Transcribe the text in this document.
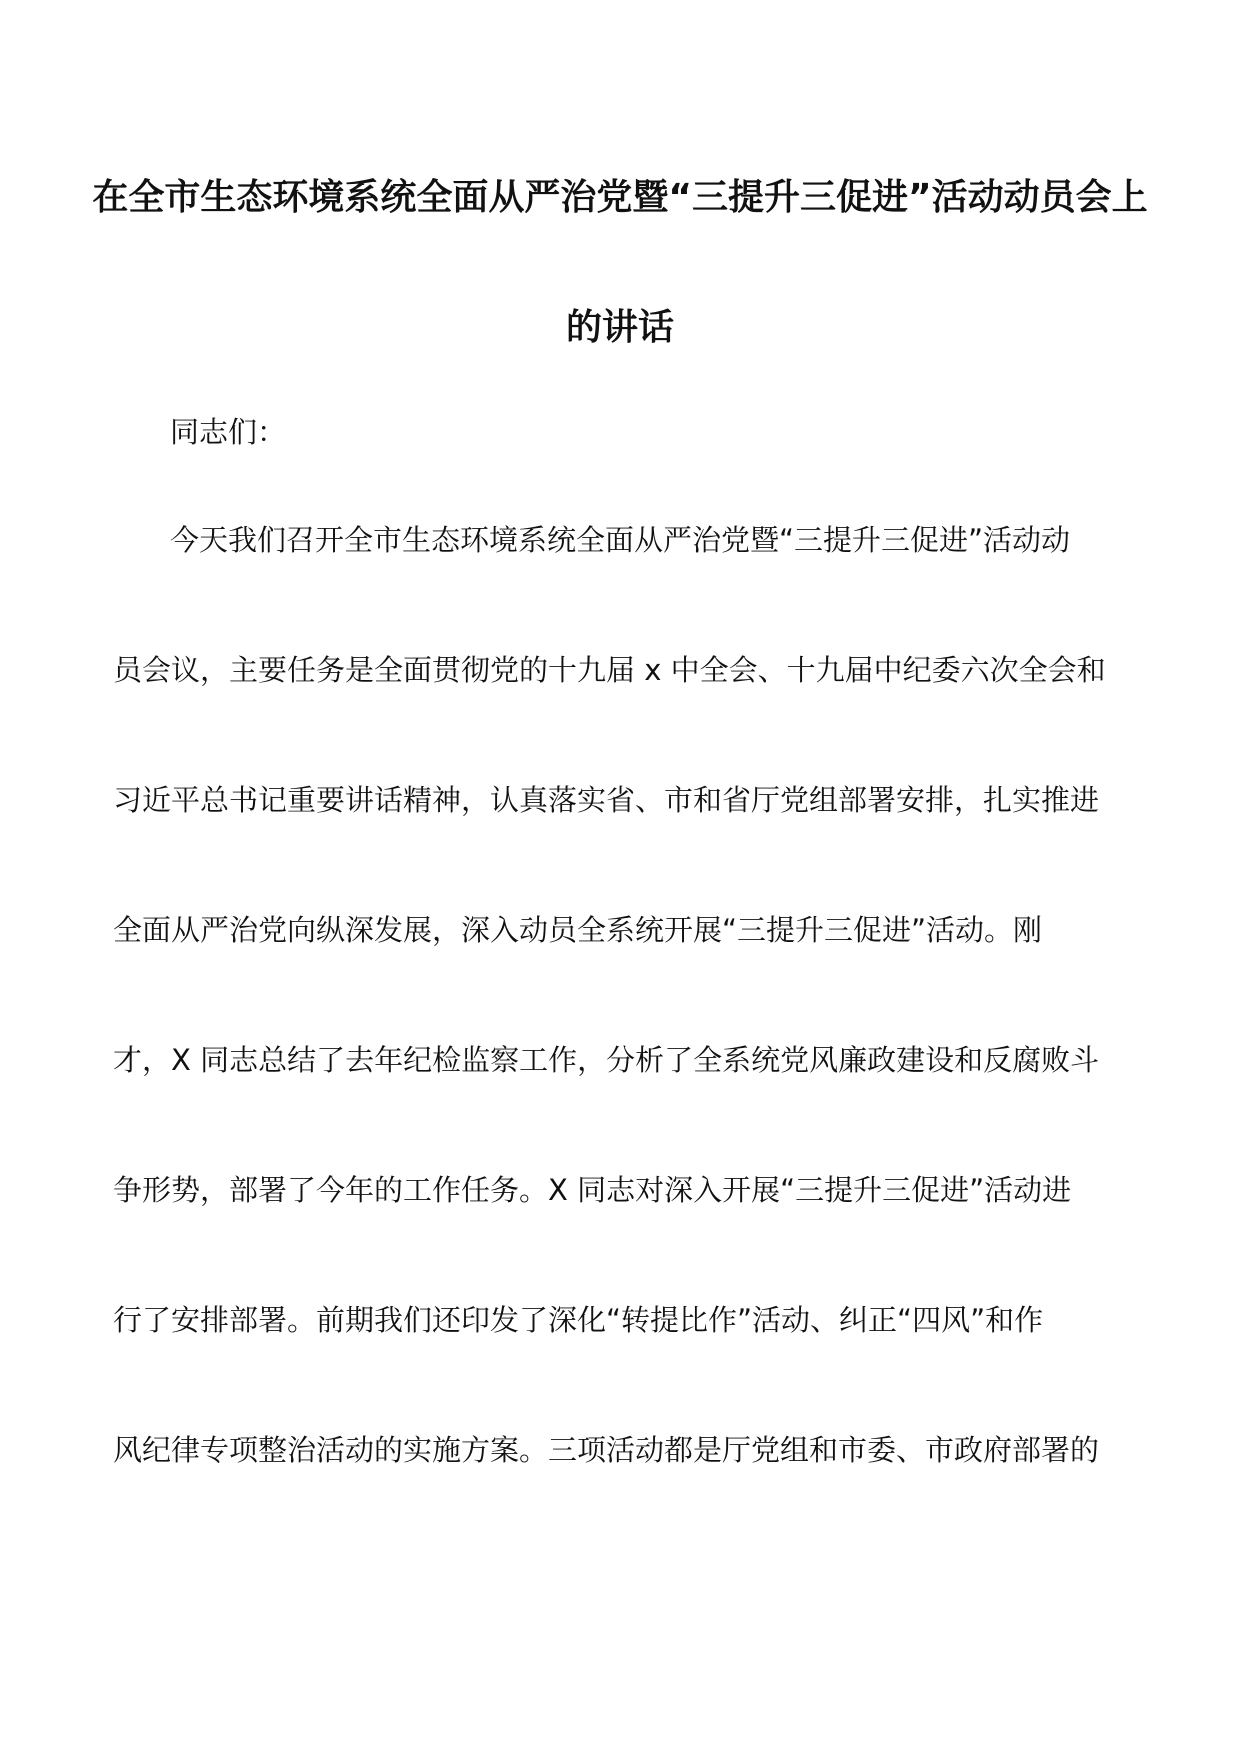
在全市生态环境系统全面从严治党暨“三提升三促进”活动动员会上
的讲话
同志们：
今天我们召开全市生态环境系统全面从严治党暨“三提升三促进”活动动
员会议，主要任务是全面贯彻党的十九届 x 中全会、十九届中纪委六次全会和
习近平总书记重要讲话精神，认真落实省、市和省厅党组部署安排，扎实推进
全面从严治党向纵深发展，深入动员全系统开展“三提升三促进”活动。刚
才，X 同志总结了去年纪检监察工作，分析了全系统党风廉政建设和反腐败斗
争形势，部署了今年的工作任务。X 同志对深入开展“三提升三促进”活动进
行了安排部署。前期我们还印发了深化“转提比作”活动、纠正“四风”和作
风纪律专项整治活动的实施方案。三项活动都是厅党组和市委、市政府部署的
